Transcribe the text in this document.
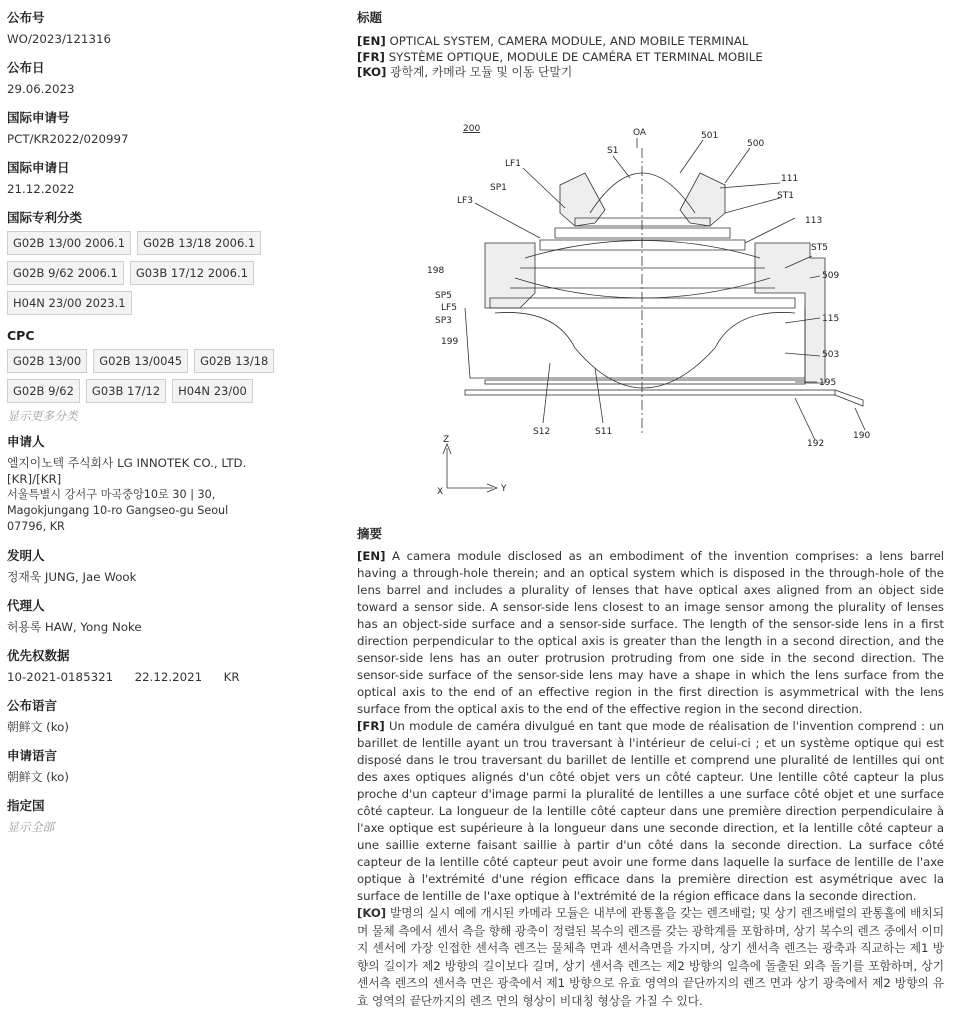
公布号
WO/2023/121316
公布日
29.06.2023
国际申请号
PCT/KR2022/020997
国际申请日
21.12.2022
国际专利分类
G02B 13/00 2006.1	G02B 13/18 2006.1
G02B 9/62 2006.1	G03B 17/12 2006.1
H04N 23/00 2023.1
CPC
G02B 13/00	G02B 13/0045	G02B 13/18
G02B 9/62	G03B 17/12	H04N 23/00
显示更多分类
申请人
엘지이노텍 주식회사 LG INNOTEK CO., LTD.
[KR]/[KR]
서울특별시 강서구 마곡중앙10로 30 | 30,
Magokjungang 10-ro Gangseo-gu Seoul
07796, KR
发明人
정재욱 JUNG, Jae Wook
代理人
허용록 HAW, Yong Noke
优先权数据
10-2021-0185321 22.12.2021 KR
公布语言
朝鲜文 (ko)
申请语言
朝鲜文 (ko)
指定国
显示全部
标题
[EN] OPTICAL SYSTEM, CAMERA MODULE, AND MOBILE TERMINAL
[FR] SYSTÈME OPTIQUE, MODULE DE CAMÉRA ET TERMINAL MOBILE
[KO] 광학계, 카메라 모듈 및 이동 단말기
200	OA
S1
501
500
LF1
SP1
111
ST1
LF3
113
ST5
198	509
SP5
LF5
SP3	115
199
503
195
190
S12	S11
192
Z
X	Y
摘要

[EN] A camera module disclosed as an embodiment of the invention comprises: a lens barrel having a through-hole therein; and an optical system which is disposed in the through-hole of the lens barrel and includes a plurality of lenses that have optical axes aligned from an object side toward a sensor side. A sensor-side lens closest to an image sensor among the plurality of lenses has an object-side surface and a sensor-side surface. The length of the sensor-side lens in a first direction perpendicular to the optical axis is greater than the length in a second direction, and the sensor-side lens has an outer protrusion protruding from one side in the second direction. The sensor-side surface of the sensor-side lens may have a shape in which the lens surface from the optical axis to the end of an effective region in the first direction is asymmetrical with the lens surface from the optical axis to the end of the effective region in the second direction.

[FR] Un module de caméra divulgué en tant que mode de réalisation de l'invention comprend : un barillet de lentille ayant un trou traversant à l'intérieur de celui-ci ; et un système optique qui est disposé dans le trou traversant du barillet de lentille et comprend une pluralité de lentilles qui ont des axes optiques alignés d'un côté objet vers un côté capteur. Une lentille côté capteur la plus proche d'un capteur d'image parmi la pluralité de lentilles a une surface côté objet et une surface côté capteur. La longueur de la lentille côté capteur dans une première direction perpendiculaire à l'axe optique est supérieure à la longueur dans une seconde direction, et la lentille côté capteur a une saillie externe faisant saillie à partir d'un côté dans la seconde direction. La surface côté capteur de la lentille côté capteur peut avoir une forme dans laquelle la surface de lentille de l'axe optique à l'extrémité d'une région efficace dans la première direction est asymétrique avec la surface de lentille de l'axe optique à l'extrémité de la région efficace dans la seconde direction.

[KO] 발명의 실시 예에 개시된 카메라 모듈은 내부에 관통홀을 갖는 렌즈배럴; 및 상기 렌즈배럴의 관통홀에 배치되며 물체 측에서 센서 측을 향해 광축이 정렬된 복수의 렌즈를 갖는 광학계를 포함하며, 상기 복수의 렌즈 중에서 이미지 센서에 가장 인접한 센서측 렌즈는 물체측 면과 센서측면을 가지며, 상기 센서측 렌즈는 광축과 직교하는 제1 방향의 길이가 제2 방향의 길이보다 길며, 상기 센서측 렌즈는 제2 방향의 일측에 돌출된 외측 돌기를 포함하며, 상기 센서측 렌즈의 센서측 면은 광축에서 제1 방향으로 유효 영역의 끝단까지의 렌즈 면과 상기 광축에서 제2 방향의 유효 영역의 끝단까지의 렌즈 면의 형상이 비대칭 형상을 가질 수 있다.
